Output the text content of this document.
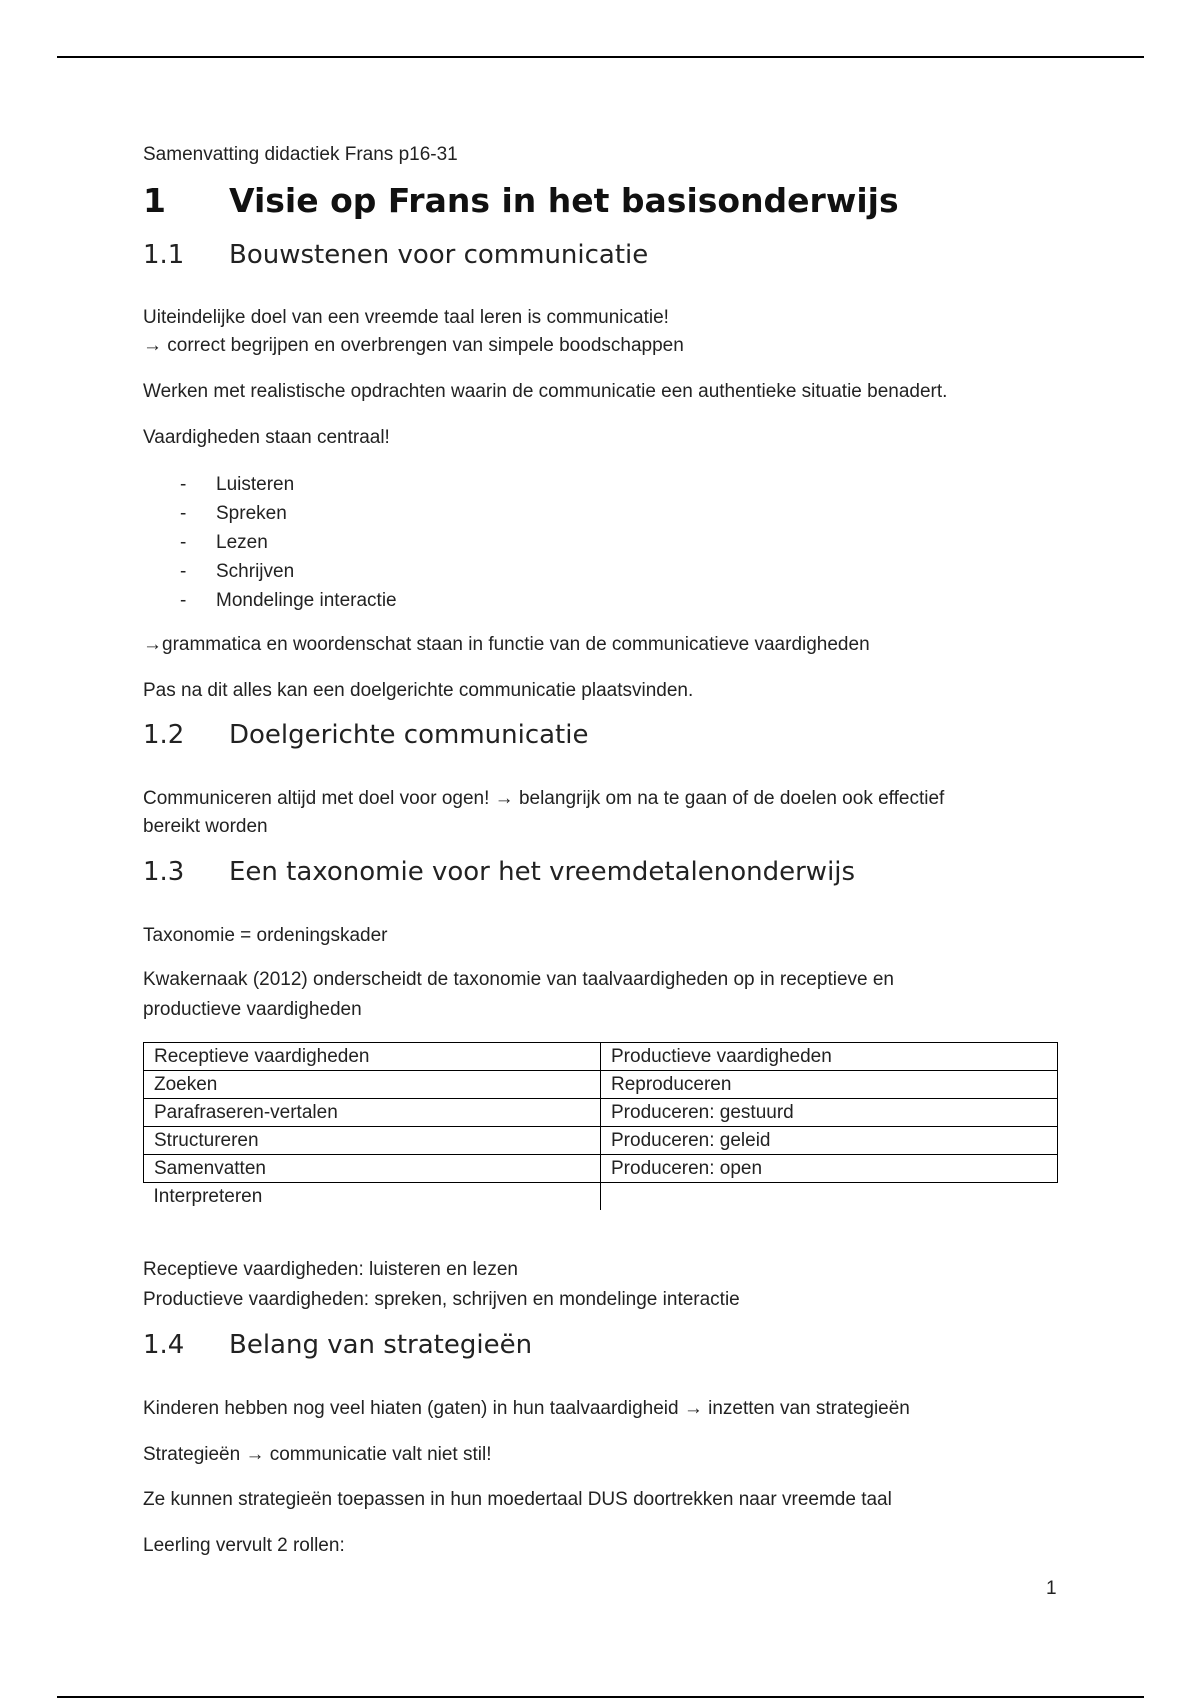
Samenvatting didactiek Frans p16-31
1	Visie op Frans in het basisonderwijs
1.1	Bouwstenen voor communicatie

Uiteindelijke doel van een vreemde taal leren is communicatie!

→ correct begrijpen en overbrengen van simpele boodschappen

Werken met realistische opdrachten waarin de communicatie een authentieke situatie benadert.

Vaardigheden staan centraal!

-	Luisteren
-	Spreken
-	Lezen
-	Schrijven
-	Mondelinge interactie

→grammatica en woordenschat staan in functie van de communicatieve vaardigheden

Pas na dit alles kan een doelgerichte communicatie plaatsvinden.

1.2	Doelgerichte communicatie

Communiceren altijd met doel voor ogen! → belangrijk om na te gaan of de doelen ook effectief

bereikt worden

1.3	Een taxonomie voor het vreemdetalenonderwijs

Taxonomie = ordeningskader

Kwakernaak (2012) onderscheidt de taxonomie van taalvaardigheden op in receptieve en

productieve vaardigheden

Receptieve vaardigheden	Productieve vaardigheden
Zoeken	Reproduceren
Parafraseren-vertalen	Produceren: gestuurd
Structureren	Produceren: geleid
Samenvatten	Produceren: open
Interpreteren	

Receptieve vaardigheden: luisteren en lezen

Productieve vaardigheden: spreken, schrijven en mondelinge interactie

1.4	Belang van strategieën

Kinderen hebben nog veel hiaten (gaten) in hun taalvaardigheid → inzetten van strategieën

Strategieën → communicatie valt niet stil!

Ze kunnen strategieën toepassen in hun moedertaal DUS doortrekken naar vreemde taal

Leerling vervult 2 rollen:

1
